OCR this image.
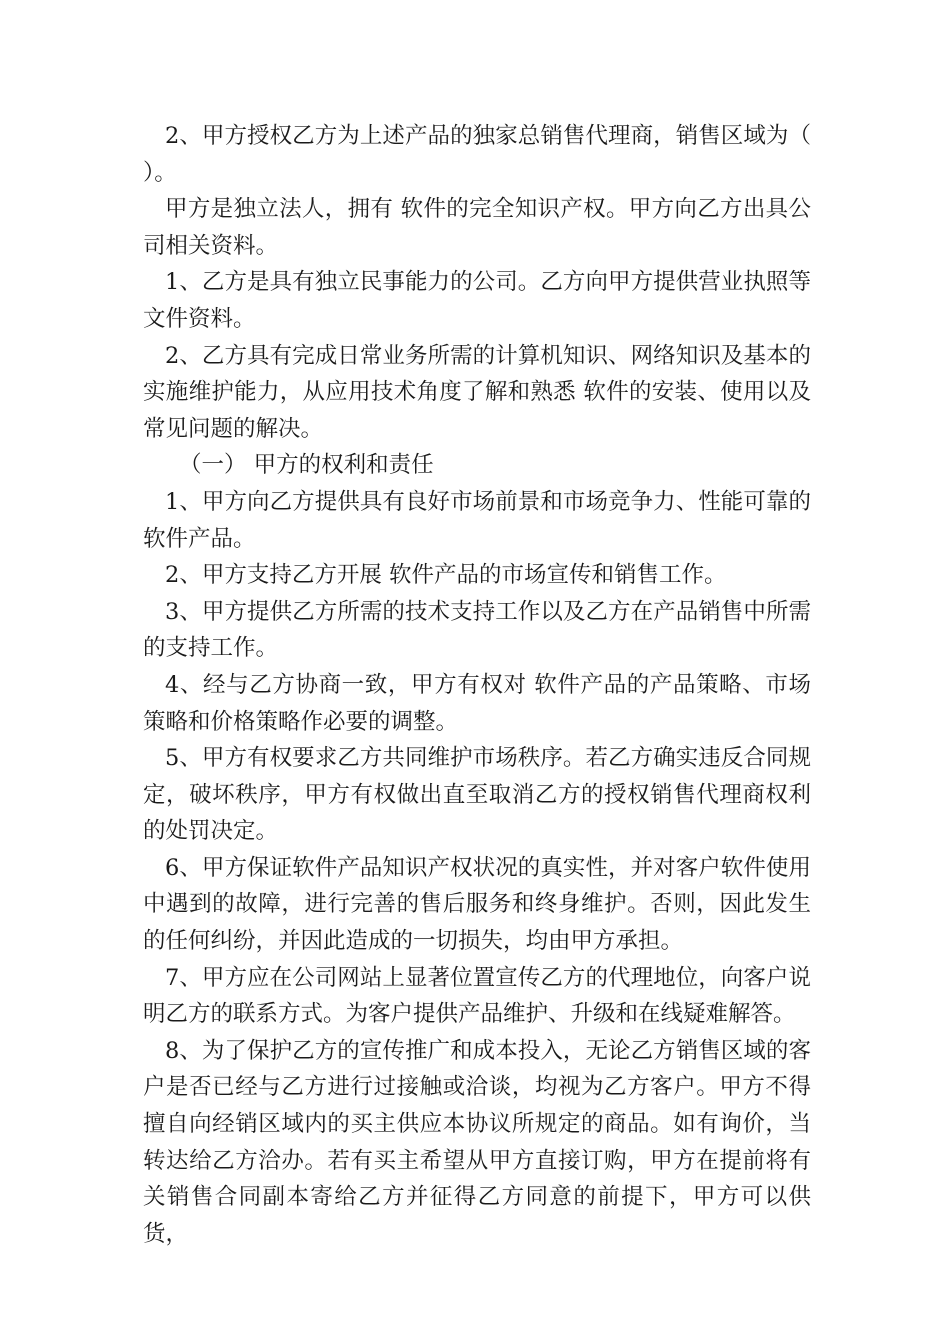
2、甲方授权乙方为上述产品的独家总销售代理商，销售区域为（ ）。

甲方是独立法人，拥有 软件的完全知识产权。甲方向乙方出具公司相关资料。

1、乙方是具有独立民事能力的公司。乙方向甲方提供营业执照等文件资料。

2、乙方具有完成日常业务所需的计算机知识、网络知识及基本的实施维护能力，从应用技术角度了解和熟悉 软件的安装、使用以及常见问题的解决。

（一） 甲方的权利和责任

1、甲方向乙方提供具有良好市场前景和市场竞争力、性能可靠的软件产品。

2、甲方支持乙方开展 软件产品的市场宣传和销售工作。

3、甲方提供乙方所需的技术支持工作以及乙方在产品销售中所需的支持工作。

4、经与乙方协商一致，甲方有权对 软件产品的产品策略、市场策略和价格策略作必要的调整。

5、甲方有权要求乙方共同维护市场秩序。若乙方确实违反合同规定，破坏秩序，甲方有权做出直至取消乙方的授权销售代理商权利的处罚决定。

6、甲方保证软件产品知识产权状况的真实性，并对客户软件使用中遇到的故障，进行完善的售后服务和终身维护。否则，因此发生的任何纠纷，并因此造成的一切损失，均由甲方承担。

7、甲方应在公司网站上显著位置宣传乙方的代理地位，向客户说明乙方的联系方式。为客户提供产品维护、升级和在线疑难解答。

8、为了保护乙方的宣传推广和成本投入，无论乙方销售区域的客户是否已经与乙方进行过接触或洽谈，均视为乙方客户。甲方不得擅自向经销区域内的买主供应本协议所规定的商品。如有询价，当转达给乙方洽办。若有买主希望从甲方直接订购，甲方在提前将有关销售合同副本寄给乙方并征得乙方同意的前提下，甲方可以供货，
